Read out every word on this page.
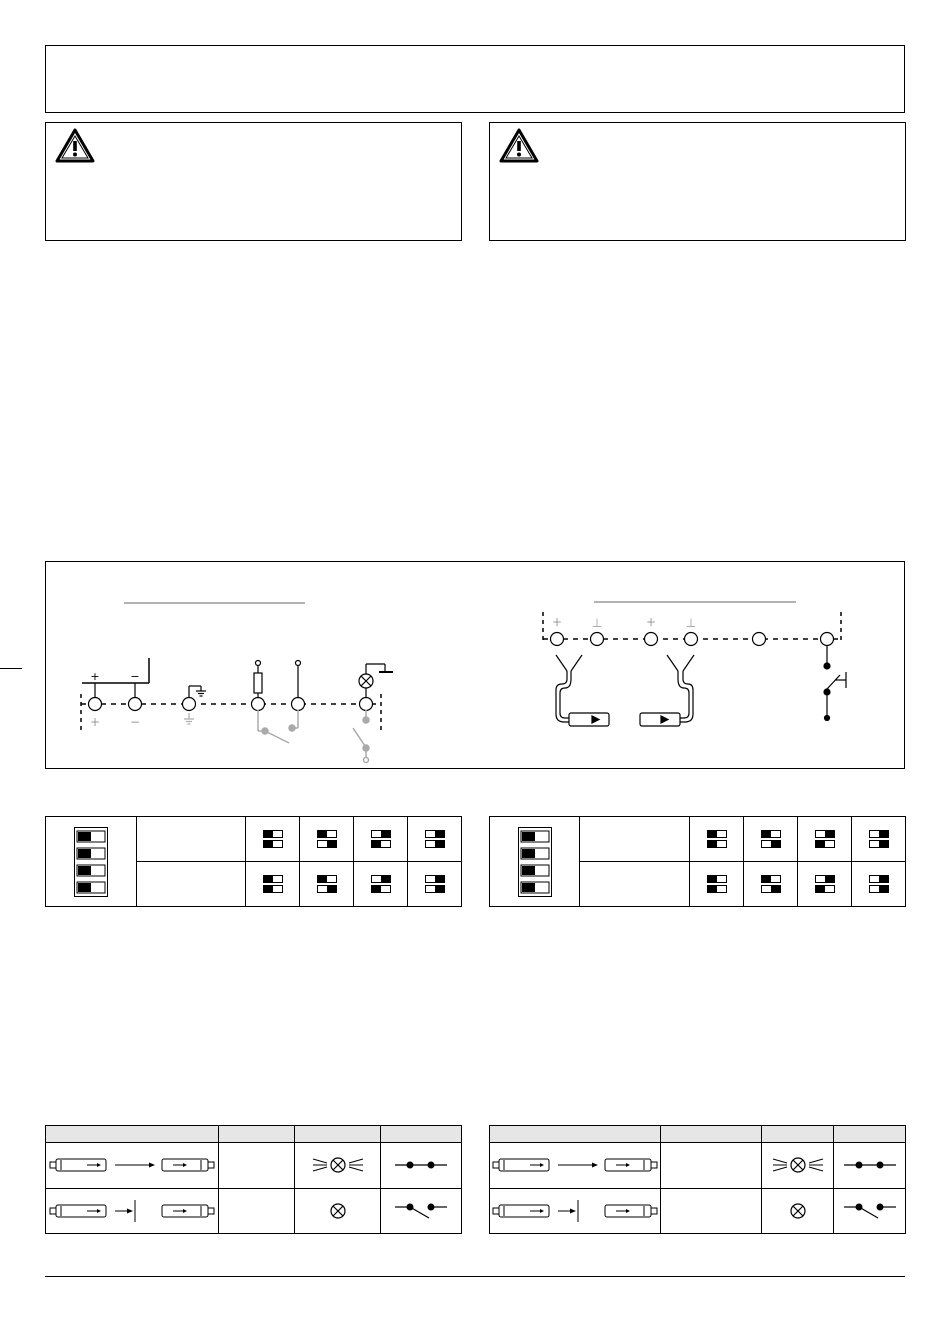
+
+
−
−
+ ⊥	+ ⊥
